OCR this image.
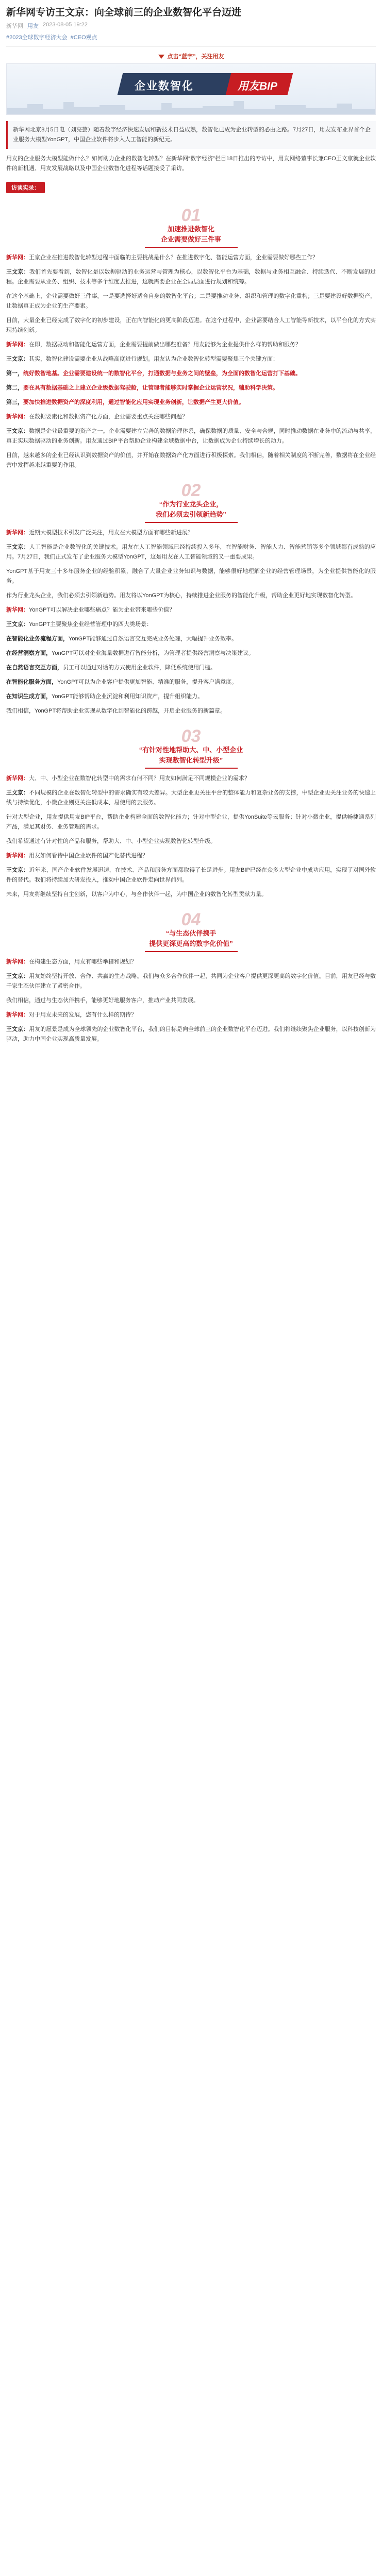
新华网专访王文京：向全球前三的企业数智化平台迈进
新华网 用友 2023-08-05 19:22
#2023全球数字经济大会 #CEO观点
点击“蓝字”，关注用友
企业数智化	用友BIP
新华网北京8月5日电（刘亮芸）随着数字经济快速发展和新技术日益成熟，数智化已成为企业转型的必由之路。7月27日，用友发布业界首个企业服务大模型YonGPT，中国企业软件将步入人工智能的新纪元。
用友的企业服务大模型能做什么？如何助力企业的数智化转型？在新华网“数字经济”栏目18日推出的专访中，用友网络董事长兼CEO王文京就企业软件的新机遇、用友发展战略以及中国企业数智化进程等话题接受了采访。
访谈实录：
01
加速推进数智化
企业需要做好三件事

新华网：王京企业在推进数智化转型过程中面临的主要挑战是什么？在推进数字化、智能运营方面，企业需要做好哪些工作？

王文京：我们首先要看到，数智化是以数据驱动的业务运营与管理为核心，以数智化平台为基础，数据与业务相互融合、持续迭代、不断发展的过程。企业需要从业务、组织、技术等多个维度去推进，这就需要企业在全局层面进行规划和统筹。

在这个基础上，企业需要做好三件事。一是要选择好适合自身的数智化平台；二是要推动业务、组织和管理的数字化重构；三是要建设好数据资产，让数据真正成为企业的生产要素。

目前，大量企业已经完成了数字化的初步建设，正在向智能化的更高阶段迈进。在这个过程中，企业需要结合人工智能等新技术，以平台化的方式实现持续创新。

新华网：在即，数据驱动和智能化运营方面，企业需要提前做出哪些准备？用友能够为企业提供什么样的帮助和服务？

王文京：其实，数智化建设需要企业从战略高度进行规划。用友认为企业数智化转型需要聚焦三个关键方面：

第一，统好数智地基。企业需要建设统一的数智化平台，打通数据与业务之间的壁垒，为全面的数智化运营打下基础。

第二，要在具有数据基础之上建立企业级数据驾驶舱，让管理者能够实时掌握企业运营状况，辅助科学决策。

第三，要加快推进数据资产的深度利用，通过智能化应用实现业务创新，让数据产生更大价值。

新华网：在数据要素化和数据资产化方面，企业需要重点关注哪些问题？

王文京：数据是企业最重要的资产之一。企业需要建立完善的数据治理体系，确保数据的质量、安全与合规，同时推动数据在业务中的流动与共享，真正实现数据驱动的业务创新。用友通过BIP平台帮助企业构建全域数据中台，让数据成为企业持续增长的动力。

目前，越来越多的企业已经认识到数据资产的价值，并开始在数据资产化方面进行积极探索。我们相信，随着相关制度的不断完善，数据将在企业经营中发挥越来越重要的作用。

02
“作为行业龙头企业，
我们必须去引领新趋势”

新华网：近期大模型技术引发广泛关注，用友在大模型方面有哪些新进展？

王文京：人工智能是企业数智化的关键技术。用友在人工智能领域已经持续投入多年，在智能财务、智能人力、智能营销等多个领域都有成熟的应用。7月27日，我们正式发布了企业服务大模型YonGPT，这是用友在人工智能领域的又一重要成果。

YonGPT基于用友三十多年服务企业的经验积累，融合了大量企业业务知识与数据，能够很好地理解企业的经营管理场景，为企业提供智能化的服务。

作为行业龙头企业，我们必须去引领新趋势。用友将以YonGPT为核心，持续推进企业服务的智能化升级，帮助企业更好地实现数智化转型。

新华网：YonGPT可以解决企业哪些痛点？能为企业带来哪些价值？

王文京：YonGPT主要聚焦企业经营管理中的四大类场景：

在智能化业务流程方面，YonGPT能够通过自然语言交互完成业务处理，大幅提升业务效率。

在经营洞察方面，YonGPT可以对企业海量数据进行智能分析，为管理者提供经营洞察与决策建议。

在自然语言交互方面，员工可以通过对话的方式使用企业软件，降低系统使用门槛。

在智能化服务方面，YonGPT可以为企业客户提供更加智能、精准的服务，提升客户满意度。

在知识生成方面，YonGPT能够帮助企业沉淀和利用知识资产，提升组织能力。

我们相信，YonGPT将帮助企业实现从数字化到智能化的跨越，开启企业服务的新篇章。

03
“有针对性地帮助大、中、小型企业
实现数智化转型升级”

新华网：大、中、小型企业在数智化转型中的需求有何不同？用友如何满足不同规模企业的需求？

王文京：不同规模的企业在数智化转型中的需求确实有较大差异。大型企业更关注平台的整体能力和复杂业务的支撑，中型企业更关注业务的快速上线与持续优化，小微企业则更关注低成本、易使用的云服务。

针对大型企业，用友提供用友BIP平台，帮助企业构建全面的数智化能力；针对中型企业，提供YonSuite等云服务；针对小微企业，提供畅捷通系列产品，满足其财务、业务管理的需求。

我们希望通过有针对性的产品和服务，帮助大、中、小型企业实现数智化转型升级。

新华网：用友如何看待中国企业软件的国产化替代进程？

王文京：近年来，国产企业软件发展迅速，在技术、产品和服务方面都取得了长足进步。用友BIP已经在众多大型企业中成功应用，实现了对国外软件的替代。我们将持续加大研发投入，推动中国企业软件走向世界前列。

未来，用友将继续坚持自主创新，以客户为中心，与合作伙伴一起，为中国企业的数智化转型贡献力量。

04
“与生态伙伴携手
提供更深更高的数字化价值”

新华网：在构建生态方面，用友有哪些举措和规划？

王文京：用友始终坚持开放、合作、共赢的生态战略。我们与众多合作伙伴一起，共同为企业客户提供更深更高的数字化价值。目前，用友已经与数千家生态伙伴建立了紧密合作。

我们相信，通过与生态伙伴携手，能够更好地服务客户，推动产业共同发展。

新华网：对于用友未来的发展，您有什么样的期待？

王文京：用友的愿景是成为全球领先的企业数智化平台，我们的目标是向全球前三的企业数智化平台迈进。我们将继续聚焦企业服务，以科技创新为驱动，助力中国企业实现高质量发展。
